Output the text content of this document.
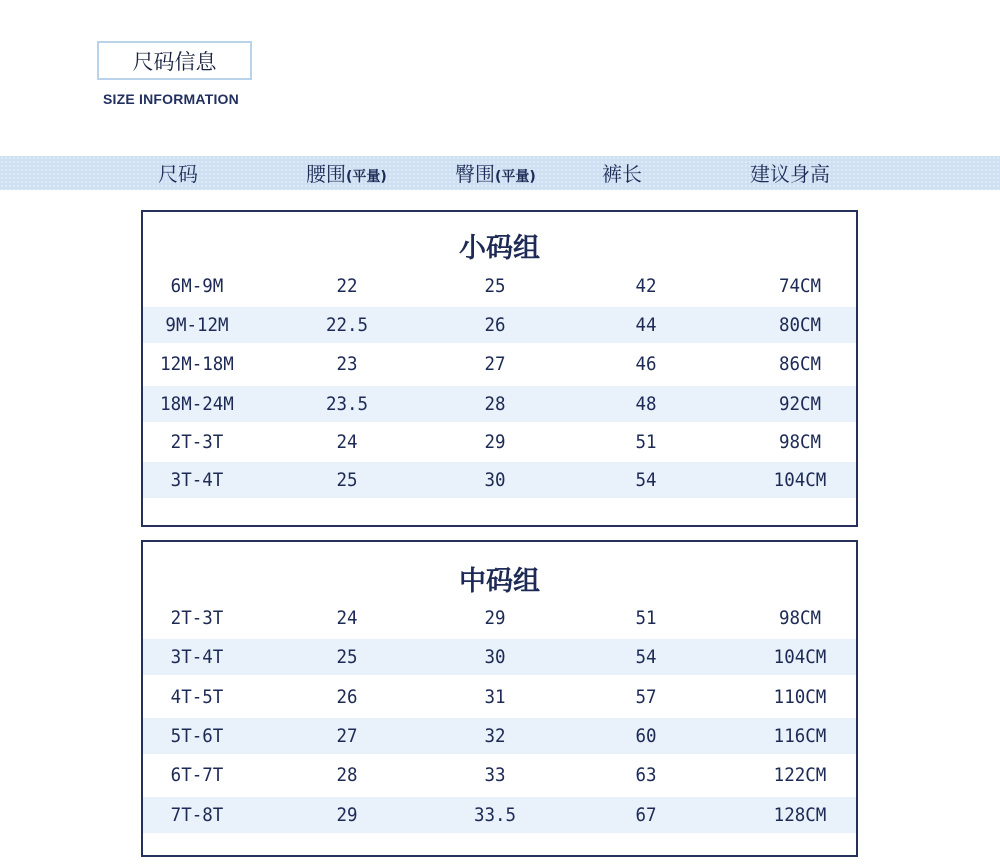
尺码信息
SIZE INFORMATION
尺码	腰围(平量)	臀围(平量)	裤长	建议身高
小码组
6M-9M	22	25	42	74CM
9M-12M	22.5	26	44	80CM
12M-18M	23	27	46	86CM
18M-24M	23.5	28	48	92CM
2T-3T	24	29	51	98CM
3T-4T	25	30	54	104CM
中码组
2T-3T	24	29	51	98CM
3T-4T	25	30	54	104CM
4T-5T	26	31	57	110CM
5T-6T	27	32	60	116CM
6T-7T	28	33	63	122CM
7T-8T	29	33.5	67	128CM
